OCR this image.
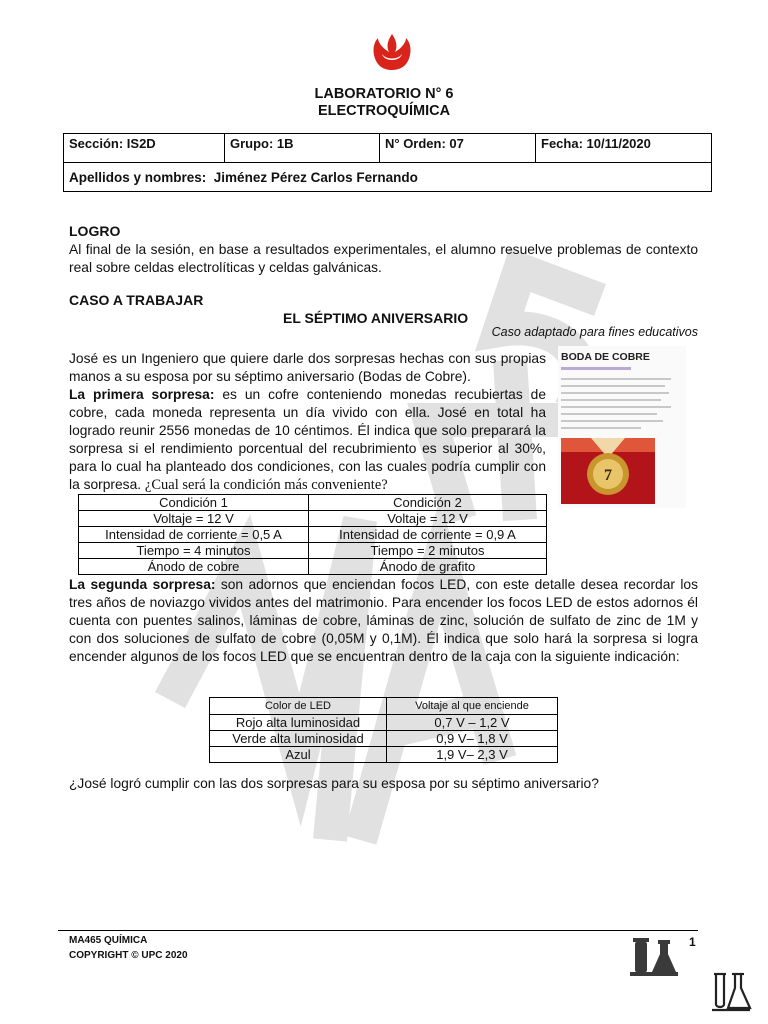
LABORATORIO N° 6
ELECTROQUÍMICA
Sección: IS2D	Grupo: 1B	N° Orden: 07	Fecha: 10/11/2020
Apellidos y nombres: Jiménez Pérez Carlos Fernando
LOGRO
Al final de la sesión, en base a resultados experimentales, el alumno resuelve problemas de contexto real sobre celdas electrolíticas y celdas galvánicas.
CASO A TRABAJAR
EL SÉPTIMO ANIVERSARIO
Caso adaptado para fines educativos
José es un Ingeniero que quiere darle dos sorpresas hechas con sus propias manos a su esposa por su séptimo aniversario (Bodas de Cobre).
La primera sorpresa: es un cofre conteniendo monedas recubiertas de cobre, cada moneda representa un día vivido con ella. José en total ha logrado reunir 2556 monedas de 10 céntimos. Él indica que solo preparará la sorpresa si el rendimiento porcentual del recubrimiento es superior al 30%, para lo cual ha planteado dos condiciones, con las cuales podría cumplir con la sorpresa. ¿Cual será la condición más conveniente?
BODA DE COBRE
7
Condición 1	Condición 2
Voltaje = 12 V	Voltaje = 12 V
Intensidad de corriente = 0,5 A	Intensidad de corriente = 0,9 A
Tiempo = 4 minutos	Tiempo = 2 minutos
Ánodo de cobre	Ánodo de grafito
La segunda sorpresa: son adornos que enciendan focos LED, con este detalle desea recordar los tres años de noviazgo vividos antes del matrimonio. Para encender los focos LED de estos adornos él cuenta con puentes salinos, láminas de cobre, láminas de zinc, solución de sulfato de zinc de 1M y con dos soluciones de sulfato de cobre (0,05M y 0,1M). Él indica que solo hará la sorpresa si logra encender algunos de los focos LED que se encuentran dentro de la caja con la siguiente indicación:
Color de LED	Voltaje al que enciende
Rojo alta luminosidad	0,7 V – 1,2 V
Verde alta luminosidad	0,9 V– 1,8 V
Azul	1,9 V– 2,3 V
¿José logró cumplir con las dos sorpresas para su esposa por su séptimo aniversario?
MA465 QUÍMICA
COPYRIGHT © UPC 2020
1
